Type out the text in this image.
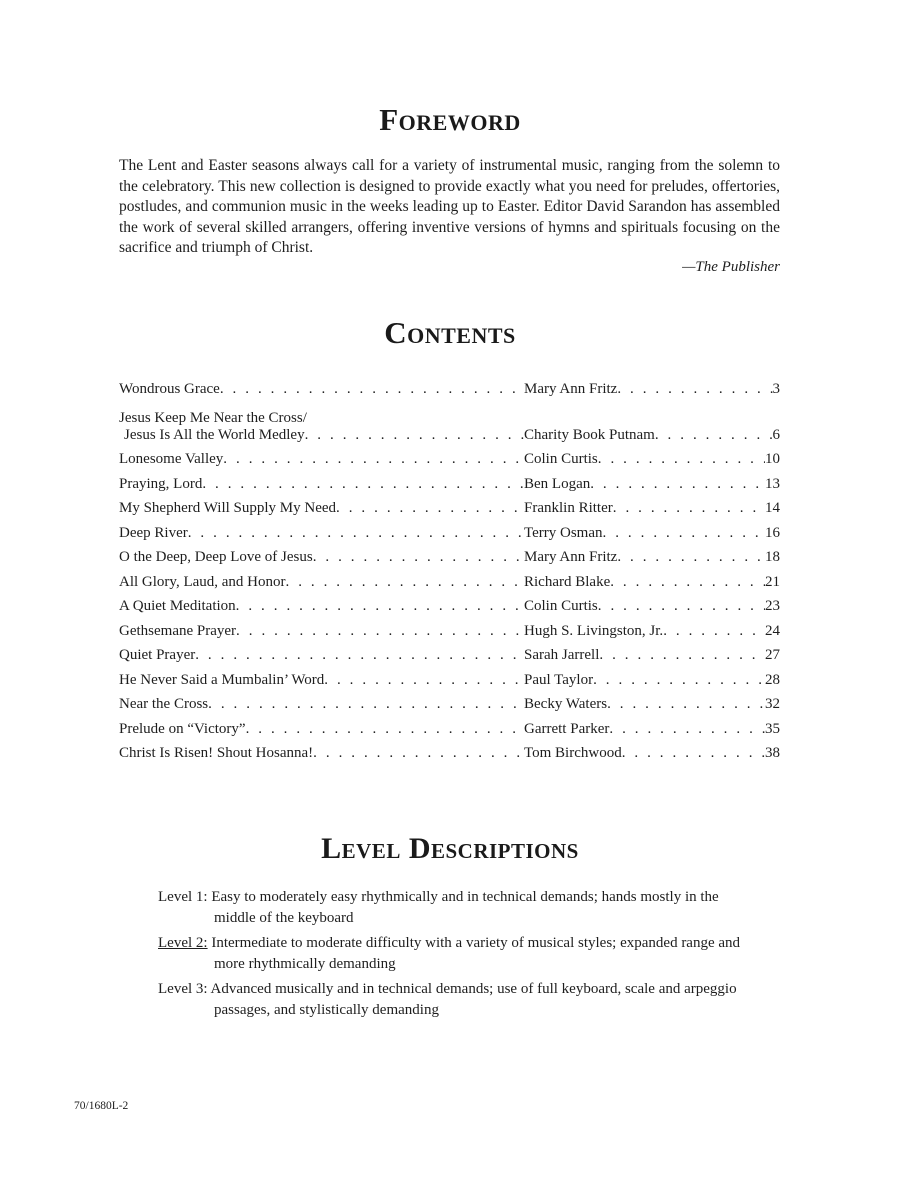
Foreword
The Lent and Easter seasons always call for a variety of instrumental music, ranging from the solemn to the celebratory. This new collection is designed to provide exactly what you need for preludes, offertories, postludes, and communion music in the weeks leading up to Easter. Editor David Sarandon has assembled the work of several skilled arrangers, offering inventive versions of hymns and spirituals focusing on the sacrifice and triumph of Christ.
—The Publisher
Contents
Wondrous Grace . . .	Mary Ann Fritz . . .	3
Jesus Keep Me Near the Cross/
Jesus Is All the World Medley . . .	Charity Book Putnam . . .	6
Lonesome Valley . . .	Colin Curtis . . .	10
Praying, Lord . . .	Ben Logan . . .	13
My Shepherd Will Supply My Need . . .	Franklin Ritter . . .	14
Deep River . . .	Terry Osman . . .	16
O the Deep, Deep Love of Jesus . . .	Mary Ann Fritz . . .	18
All Glory, Laud, and Honor . . .	Richard Blake . . .	21
A Quiet Meditation . . .	Colin Curtis . . .	23
Gethsemane Prayer . . .	Hugh S. Livingston, Jr. . . .	24
Quiet Prayer . . .	Sarah Jarrell . . .	27
He Never Said a Mumbalin’ Word . . .	Paul Taylor . . .	28
Near the Cross . . .	Becky Waters . . .	32
Prelude on “Victory” . . .	Garrett Parker . . .	35
Christ Is Risen! Shout Hosanna! . . .	Tom Birchwood . . .	38
Level Descriptions
Level 1: Easy to moderately easy rhythmically and in technical demands; hands mostly in the middle of the keyboard
Level 2: Intermediate to moderate difficulty with a variety of musical styles; expanded range and more rhythmically demanding
Level 3: Advanced musically and in technical demands; use of full keyboard, scale and arpeggio passages, and stylistically demanding
70/1680L-2
